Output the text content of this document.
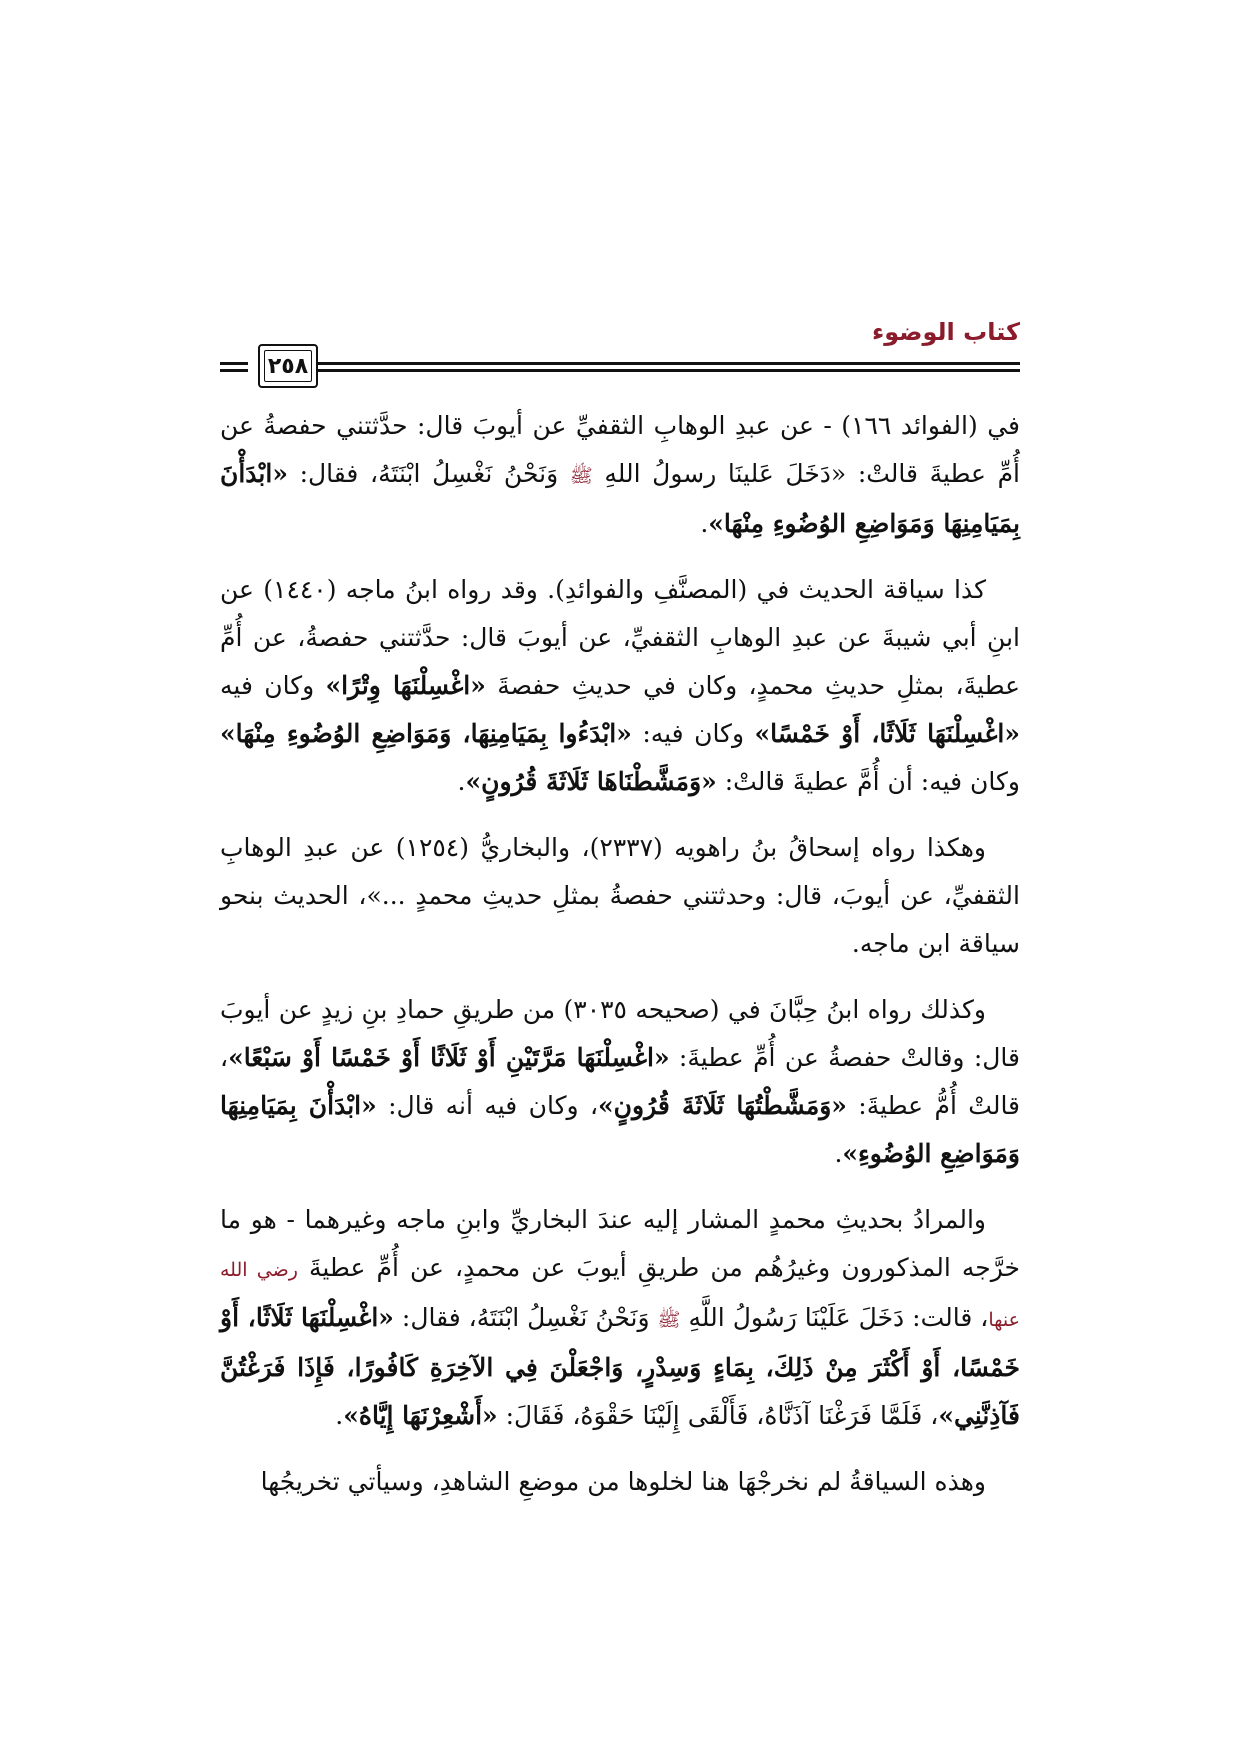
كتاب الوضوء
٢٥٨

في (الفوائد ١٦٦) - عن عبدِ الوهابِ الثقفيِّ عن أيوبَ قال: حدَّثتني حفصةُ عن أُمِّ عطيةَ قالتْ: «دَخَلَ عَلينَا رسولُ اللهِ ﷺ وَنَحْنُ نَغْسِلُ ابْنَتَهُ، فقال: «ابْدَأْنَ بِمَيَامِنِهَا وَمَوَاضِعِ الوُضُوءِ مِنْهَا».

كذا سياقة الحديث في (المصنَّفِ والفوائدِ). وقد رواه ابنُ ماجه (١٤٤٠) عن ابنِ أبي شيبةَ عن عبدِ الوهابِ الثقفيِّ، عن أيوبَ قال: حدَّثتني حفصةُ، عن أُمِّ عطيةَ، بمثلِ حديثِ محمدٍ، وكان في حديثِ حفصةَ «اغْسِلْنَهَا وِتْرًا» وكان فيه «اغْسِلْنَهَا ثَلَاثًا، أَوْ خَمْسًا» وكان فيه: «ابْدَءُوا بِمَيَامِنِهَا، وَمَوَاضِعِ الوُضُوءِ مِنْهَا» وكان فيه: أن أُمَّ عطيةَ قالتْ: «وَمَشَّطْنَاهَا ثَلَاثَةَ قُرُونٍ».

وهكذا رواه إسحاقُ بنُ راهويه (٢٣٣٧)، والبخاريُّ (١٢٥٤) عن عبدِ الوهابِ الثقفيِّ، عن أيوبَ، قال: وحدثتني حفصةُ بمثلِ حديثِ محمدٍ ...»، الحديث بنحو سياقة ابن ماجه.

وكذلك رواه ابنُ حِبَّانَ في (صحيحه ٣٠٣٥) من طريقِ حمادِ بنِ زيدٍ عن أيوبَ قال: وقالتْ حفصةُ عن أُمِّ عطيةَ: «اغْسِلْنَهَا مَرَّتَيْنِ أَوْ ثَلَاثًا أَوْ خَمْسًا أَوْ سَبْعًا»، قالتْ أُمُّ عطيةَ: «وَمَشَّطْتُهَا ثَلَاثَةَ قُرُونٍ»، وكان فيه أنه قال: «ابْدَأْنَ بِمَيَامِنِهَا وَمَوَاضِعِ الوُضُوءِ».

والمرادُ بحديثِ محمدٍ المشار إليه عندَ البخاريِّ وابنِ ماجه وغيرهما - هو ما خرَّجه المذكورون وغيرُهُم من طريقِ أيوبَ عن محمدٍ، عن أُمِّ عطيةَ رضي الله عنها، قالت: دَخَلَ عَلَيْنَا رَسُولُ اللَّهِ ﷺ وَنَحْنُ نَغْسِلُ ابْنَتَهُ، فقال: «اغْسِلْنَهَا ثَلَاثًا، أَوْ خَمْسًا، أَوْ أَكْثَرَ مِنْ ذَلِكَ، بِمَاءٍ وَسِدْرٍ، وَاجْعَلْنَ فِي الآخِرَةِ كَافُورًا، فَإِذَا فَرَغْتُنَّ فَآذِنَّنِي»، فَلَمَّا فَرَغْنَا آذَنَّاهُ، فَأَلْقَى إِلَيْنَا حَقْوَهُ، فَقَالَ: «أَشْعِرْنَهَا إِيَّاهُ».

وهذه السياقةُ لم نخرجْهَا هنا لخلوها من موضعِ الشاهدِ، وسيأتي تخريجُها
